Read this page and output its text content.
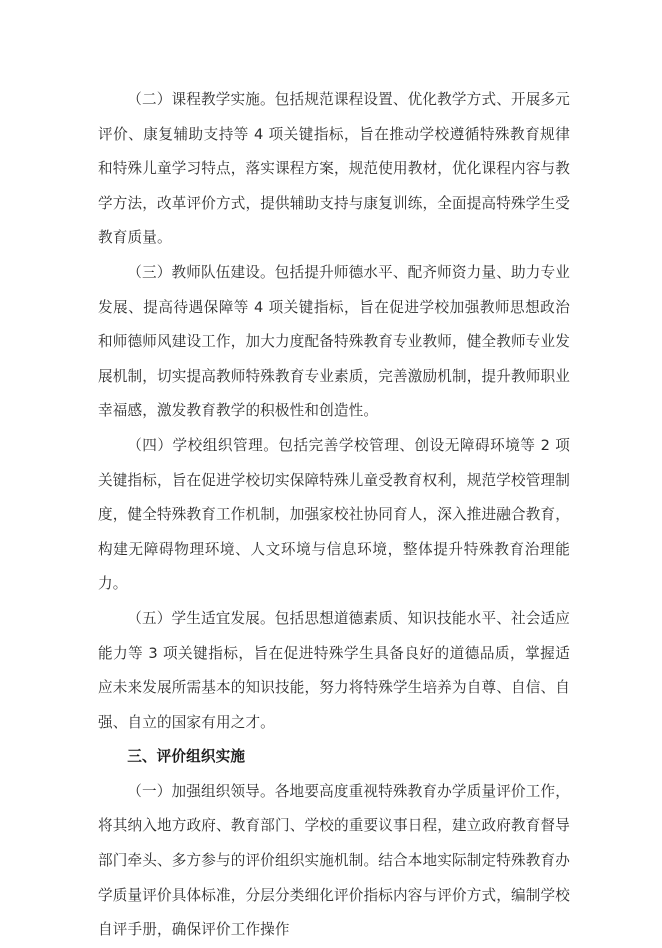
（二）课程教学实施。包括规范课程设置、优化教学方式、开展多元评价、康复辅助支持等 4 项关键指标，旨在推动学校遵循特殊教育规律和特殊儿童学习特点，落实课程方案，规范使用教材，优化课程内容与教学方法，改革评价方式，提供辅助支持与康复训练，全面提高特殊学生受教育质量。

（三）教师队伍建设。包括提升师德水平、配齐师资力量、助力专业发展、提高待遇保障等 4 项关键指标，旨在促进学校加强教师思想政治和师德师风建设工作，加大力度配备特殊教育专业教师，健全教师专业发展机制，切实提高教师特殊教育专业素质，完善激励机制，提升教师职业幸福感，激发教育教学的积极性和创造性。

（四）学校组织管理。包括完善学校管理、创设无障碍环境等 2 项关键指标，旨在促进学校切实保障特殊儿童受教育权利，规范学校管理制度，健全特殊教育工作机制，加强家校社协同育人，深入推进融合教育，构建无障碍物理环境、人文环境与信息环境，整体提升特殊教育治理能力。

（五）学生适宜发展。包括思想道德素质、知识技能水平、社会适应能力等 3 项关键指标，旨在促进特殊学生具备良好的道德品质，掌握适应未来发展所需基本的知识技能，努力将特殊学生培养为自尊、自信、自强、自立的国家有用之才。

三、评价组织实施

（一）加强组织领导。各地要高度重视特殊教育办学质量评价工作，将其纳入地方政府、教育部门、学校的重要议事日程，建立政府教育督导部门牵头、多方参与的评价组织实施机制。结合本地实际制定特殊教育办学质量评价具体标准，分层分类细化评价指标内容与评价方式，编制学校自评手册，确保评价工作操作
